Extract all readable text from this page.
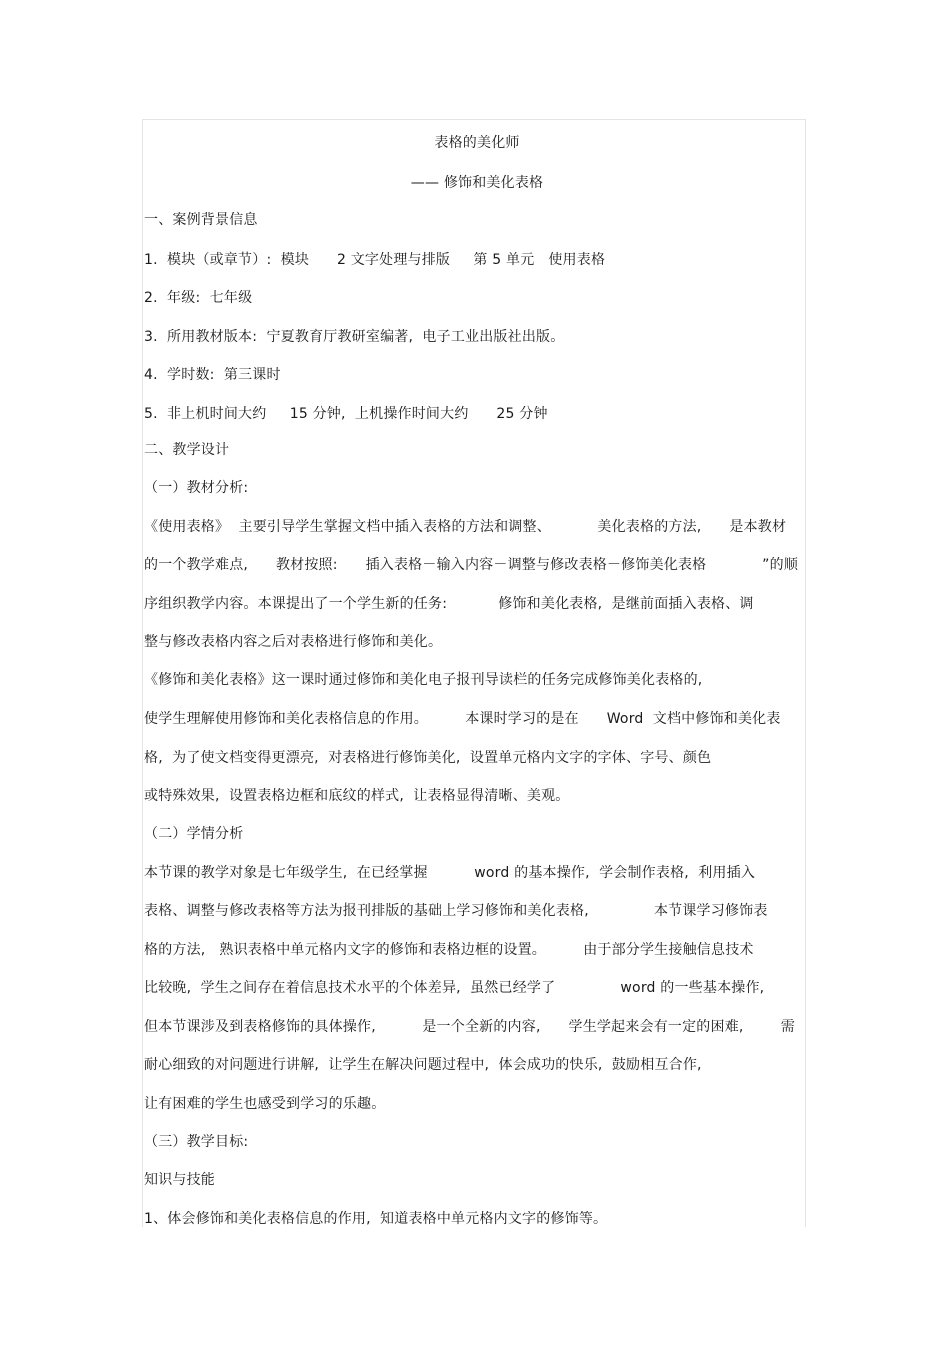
表格的美化师
—— 修饰和美化表格
一、案例背景信息
1.  模块（或章节）:  模块      2 文字处理与排版     第 5 单元   使用表格
2.  年级:  七年级
3.  所用教材版本:  宁夏教育厅教研室编著,  电子工业出版社出版。
4.  学时数:  第三课时
5.  非上机时间大约     15 分钟,  上机操作时间大约      25 分钟
二、教学设计
（一）教材分析:
《使用表格》  主要引导学生掌握文档中插入表格的方法和调整、          美化表格的方法,      是本教材
的一个教学难点,      教材按照:      插入表格－输入内容－调整与修改表格－修饰美化表格            ”的顺
序组织教学内容。本课提出了一个学生新的任务:           修饰和美化表格,  是继前面插入表格、调
整与修改表格内容之后对表格进行修饰和美化。
《修饰和美化表格》这一课时通过修饰和美化电子报刊导读栏的任务完成修饰美化表格的,
使学生理解使用修饰和美化表格信息的作用。        本课时学习的是在      Word  文档中修饰和美化表
格,  为了使文档变得更漂亮,  对表格进行修饰美化,  设置单元格内文字的字体、字号、颜色
或特殊效果,  设置表格边框和底纹的样式,  让表格显得清晰、美观。
（二）学情分析
本节课的教学对象是七年级学生,  在已经掌握          word 的基本操作,  学会制作表格,  利用插入
表格、调整与修改表格等方法为报刊排版的基础上学习修饰和美化表格,              本节课学习修饰表
格的方法,   熟识表格中单元格内文字的修饰和表格边框的设置。        由于部分学生接触信息技术
比较晚,  学生之间存在着信息技术水平的个体差异,  虽然已经学了              word 的一些基本操作,
但本节课涉及到表格修饰的具体操作,          是一个全新的内容,      学生学起来会有一定的困难,        需
耐心细致的对问题进行讲解,  让学生在解决问题过程中,  体会成功的快乐,  鼓励相互合作,
让有困难的学生也感受到学习的乐趣。
（三）教学目标:
知识与技能
1、体会修饰和美化表格信息的作用,  知道表格中单元格内文字的修饰等。
